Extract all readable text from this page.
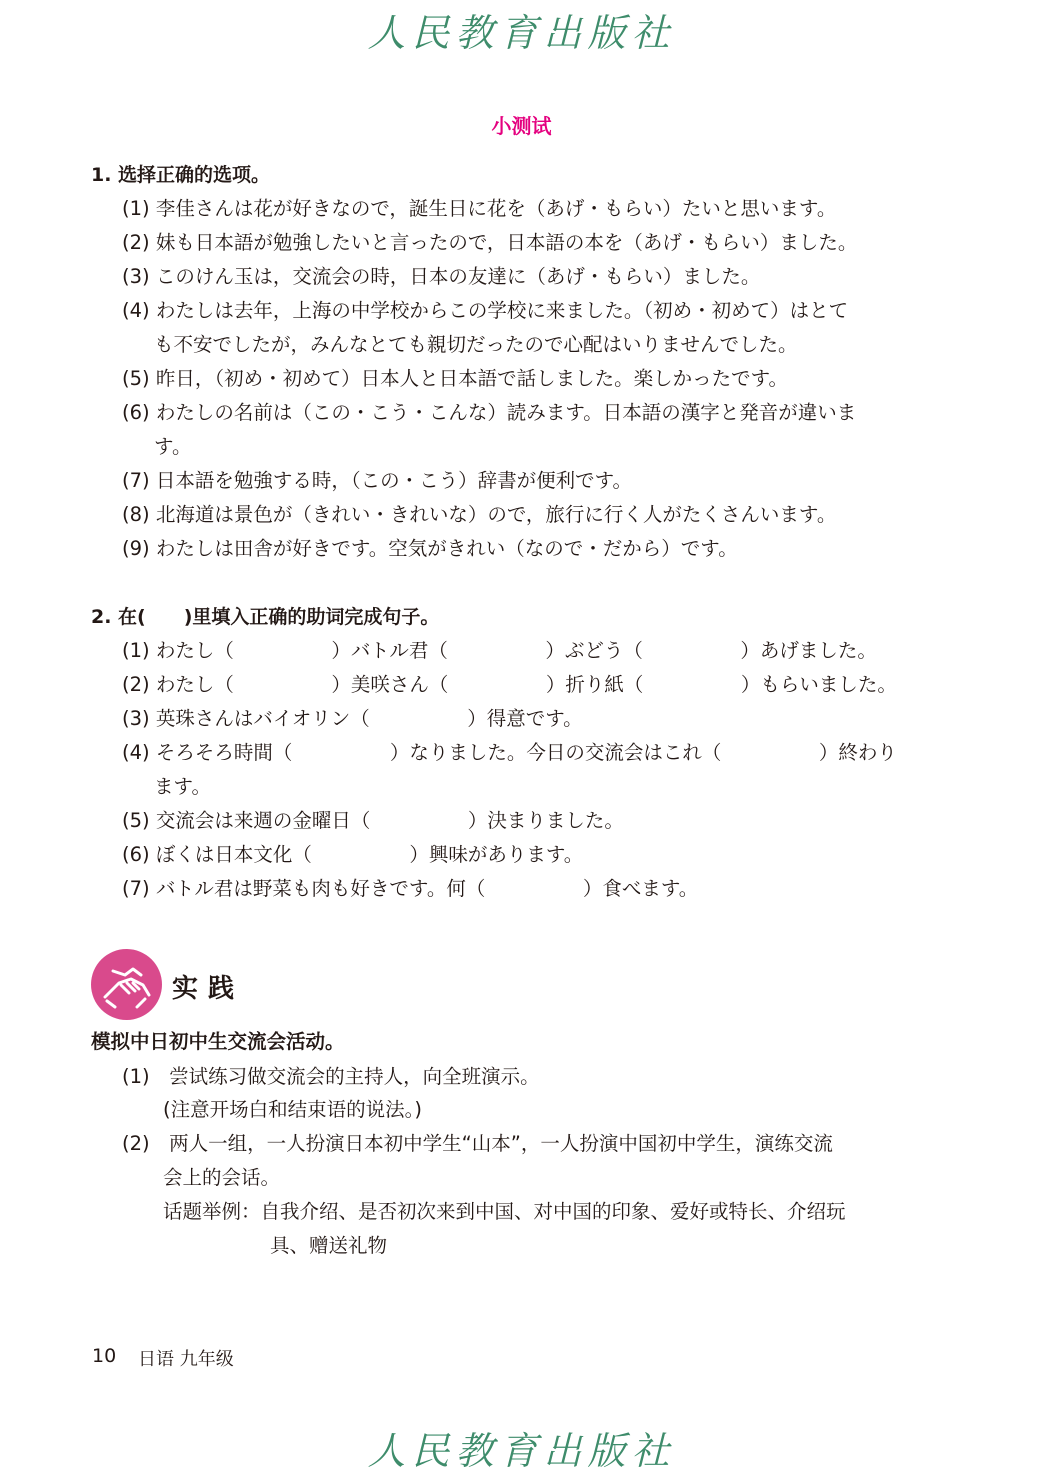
人民教育出版社
小测试
1. 选择正确的选项。
(1) 李佳さんは花が好きなので，誕生日に花を（あげ・もらい）たいと思います。
(2) 妹も日本語が勉強したいと言ったので，日本語の本を（あげ・もらい）ました。
(3) このけん玉は，交流会の時，日本の友達に（あげ・もらい）ました。
(4) わたしは去年，上海の中学校からこの学校に来ました。（初め・初めて）はとて
も不安でしたが，みんなとても親切だったので心配はいりませんでした。
(5) 昨日，（初め・初めて）日本人と日本語で話しました。楽しかったです。
(6) わたしの名前は（この・こう・こんな）読みます。日本語の漢字と発音が違いま
す。
(7) 日本語を勉強する時，（この・こう）辞書が便利です。
(8) 北海道は景色が（きれい・きれいな）ので，旅行に行く人がたくさんいます。
(9) わたしは田舎が好きです。空気がきれい（なので・だから）です。
2. 在(　　)里填入正确的助词完成句子。
(1) わたし（　　　　　）バトル君（　　　　　）ぶどう（　　　　　）あげました。
(2) わたし（　　　　　）美咲さん（　　　　　）折り紙（　　　　　）もらいました。
(3) 英珠さんはバイオリン（　　　　　）得意です。
(4) そろそろ時間（　　　　　）なりました。今日の交流会はこれ（　　　　　）終わり
ます。
(5) 交流会は来週の金曜日（　　　　　）決まりました。
(6) ぼくは日本文化（　　　　　）興味があります。
(7) バトル君は野菜も肉も好きです。何（　　　　　）食べます。
实践
模拟中日初中生交流会活动。
(1)　尝试练习做交流会的主持人，向全班演示。
(注意开场白和结束语的说法。)
(2)　两人一组，一人扮演日本初中学生“山本”，一人扮演中国初中学生，演练交流
会上的会话。
话题举例：自我介绍、是否初次来到中国、对中国的印象、爱好或特长、介绍玩
具、赠送礼物
10 日语 九年级
人民教育出版社
